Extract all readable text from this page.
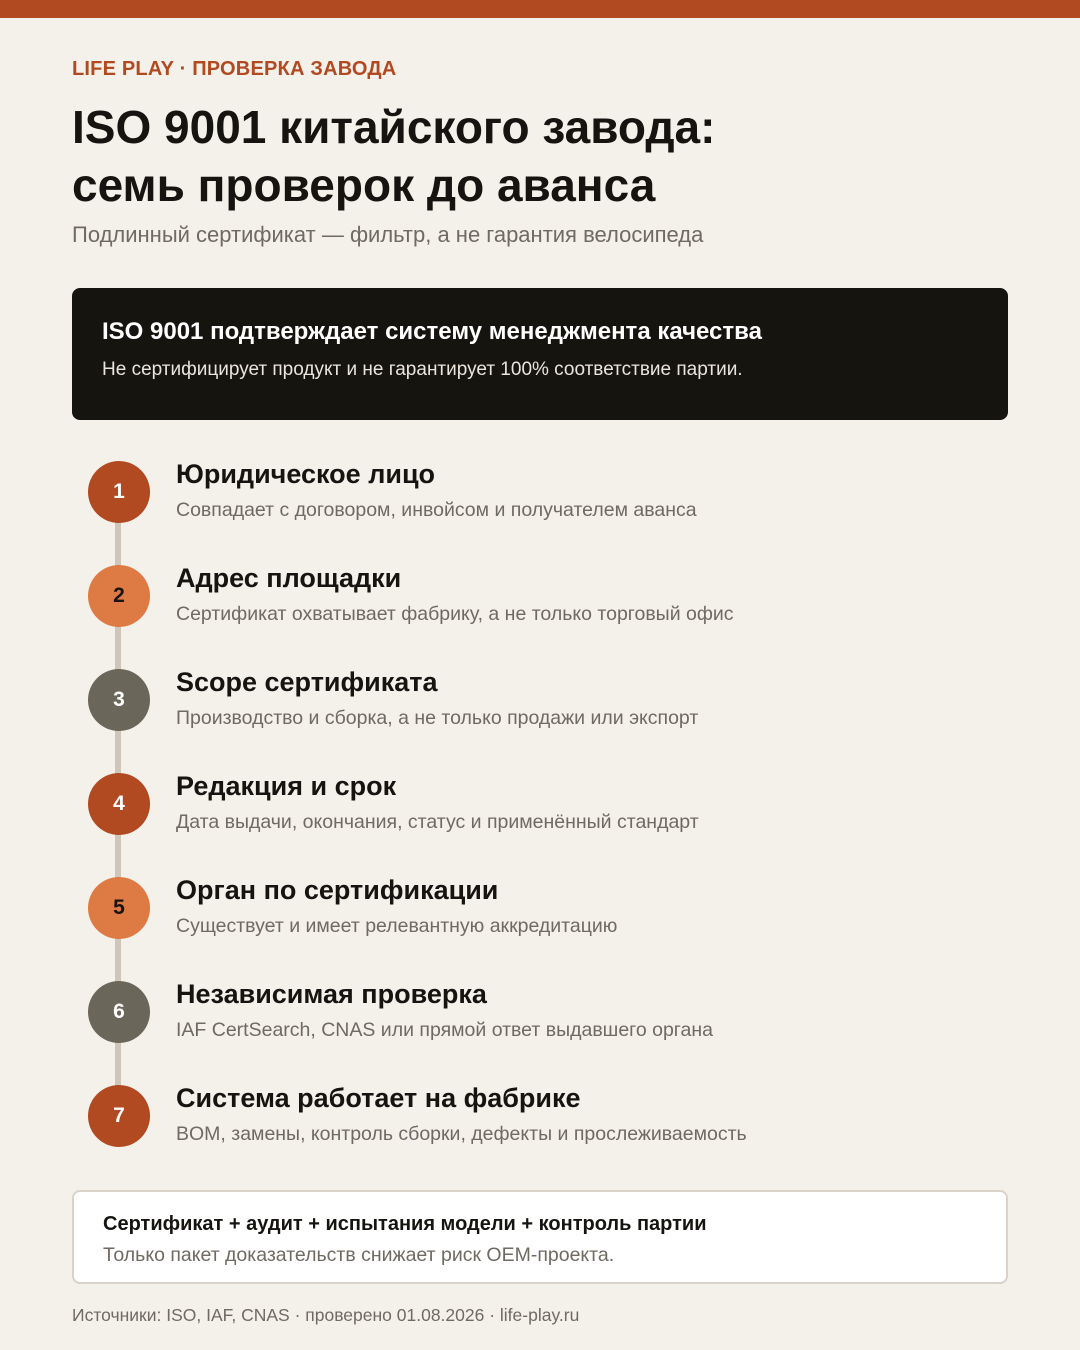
LIFE PLAY · ПРОВЕРКА ЗАВОДА
ISO 9001 китайского завода:
семь проверок до аванса
Подлинный сертификат — фильтр, а не гарантия велосипеда
ISO 9001 подтверждает систему менеджмента качества
Не сертифицирует продукт и не гарантирует 100% соответствие партии.
1
Юридическое лицо
Совпадает с договором, инвойсом и получателем аванса
2
Адрес площадки
Сертификат охватывает фабрику, а не только торговый офис
3
Scope сертификата
Производство и сборка, а не только продажи или экспорт
4
Редакция и срок
Дата выдачи, окончания, статус и применённый стандарт
5
Орган по сертификации
Существует и имеет релевантную аккредитацию
6
Независимая проверка
IAF CertSearch, CNAS или прямой ответ выдавшего органа
7
Система работает на фабрике
BOM, замены, контроль сборки, дефекты и прослеживаемость
Сертификат + аудит + испытания модели + контроль партии
Только пакет доказательств снижает риск OEM-проекта.
Источники: ISO, IAF, CNAS · проверено 01.08.2026 · life-play.ru
